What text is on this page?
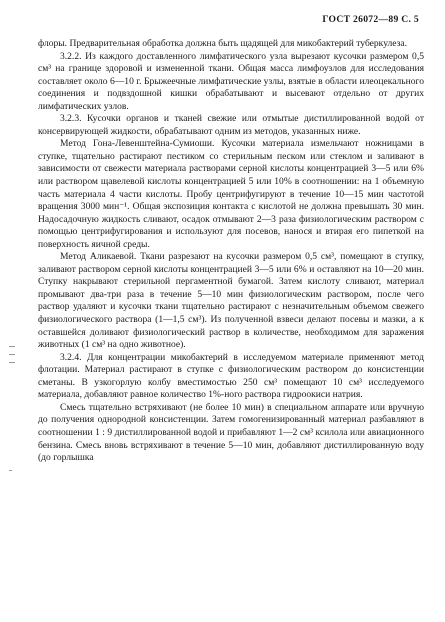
ГОСТ 26072—89 С. 5

флоры. Предварительная обработка должна быть щадящей для микобактерий туберкулеза.

3.2.2. Из каждого доставленного лимфатического узла вырезают кусочки размером 0,5 см³ на границе здоровой и измененной ткани. Общая масса лимфоузлов для исследования составляет около 6—10 г. Брыжеечные лимфатические узлы, взятые в области илеоцекального соединения и подвздошной кишки обрабатывают и высевают отдельно от других лимфатических узлов.

3.2.3. Кусочки органов и тканей свежие или отмытые дистиллированной водой от консервирующей жидкости, обрабатывают одним из методов, указанных ниже.

Метод Гона-Левенштейна-Сумиоши. Кусочки материала измельчают ножницами в ступке, тщательно растирают пестиком со стерильным песком или стеклом и заливают в зависимости от свежести материала растворами серной кислоты концентрацией 3—5 или 6% или раствором щавелевой кислоты концентрацией 5 или 10% в соотношении: на 1 объемную часть материала 4 части кислоты. Пробу центрифугируют в течение 10—15 мин частотой вращения 3000 мин⁻¹. Общая экспозиция контакта с кислотой не должна превышать 30 мин. Надосадочную жидкость сливают, осадок отмывают 2—3 раза физиологическим раствором с помощью центрифугирования и используют для посевов, нанося и втирая его пипеткой на поверхность яичной среды.

Метод Аликаевой. Ткани разрезают на кусочки размером 0,5 см³, помещают в ступку, заливают раствором серной кислоты концентрацией 3—5 или 6% и оставляют на 10—20 мин. Ступку накрывают стерильной пергаментной бумагой. Затем кислоту сливают, материал промывают два-три раза в течение 5—10 мин физиологическим раствором, после чего раствор удаляют и кусочки ткани тщательно растирают с незначительным объемом свежего физиологического раствора (1—1,5 см³). Из полученной взвеси делают посевы и мазки, а к оставшейся доливают физиологический раствор в количестве, необходимом для заражения животных (1 см³ на одно животное).

3.2.4. Для концентрации микобактерий в исследуемом материале применяют метод флотации. Материал растирают в ступке с физиологическим раствором до консистенции сметаны. В узкогорлую колбу вместимостью 250 см³ помещают 10 см³ исследуемого материала, добавляют равное количество 1%-ного раствора гидроокиси натрия.

Смесь тщательно встряхивают (не более 10 мин) в специальном аппарате или вручную до получения однородной консистенции. Затем гомогенизированный материал разбавляют в соотношении 1 : 9 дистиллированной водой и прибавляют 1—2 см³ ксилола или авиационного бензина. Смесь вновь встряхивают в течение 5—10 мин, добавляют дистиллированную воду (до горлышка
